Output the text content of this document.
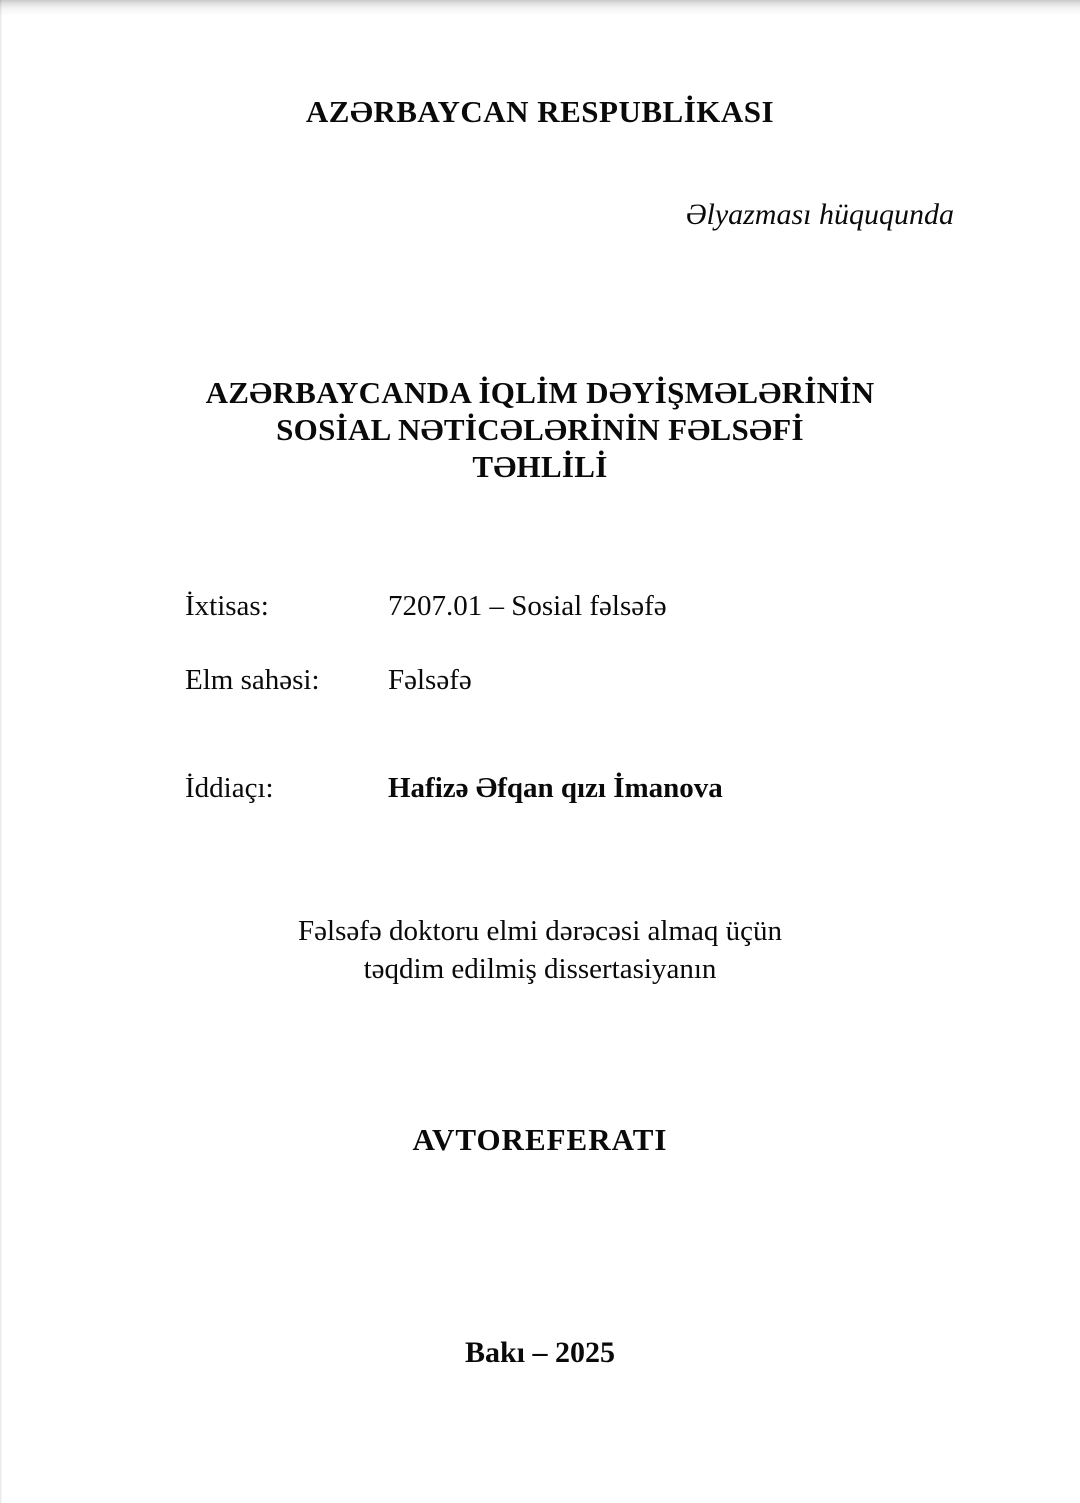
AZƏRBAYCAN RESPUBLİKASI
Əlyazması hüququnda
AZƏRBAYCANDA İQLİM DƏYİŞMƏLƏRİNİN
SOSİAL NƏTİCƏLƏRİNİN FƏLSƏFİ
TƏHLİLİ
İxtisas:	7207.01 – Sosial fəlsəfə
Elm sahəsi: Fəlsəfə
İddiaçı:	Hafizə Əfqan qızı İmanova
Fəlsəfə doktoru elmi dərəcəsi almaq üçün
təqdim edilmiş dissertasiyanın
AVTOREFERATI
Bakı – 2025
